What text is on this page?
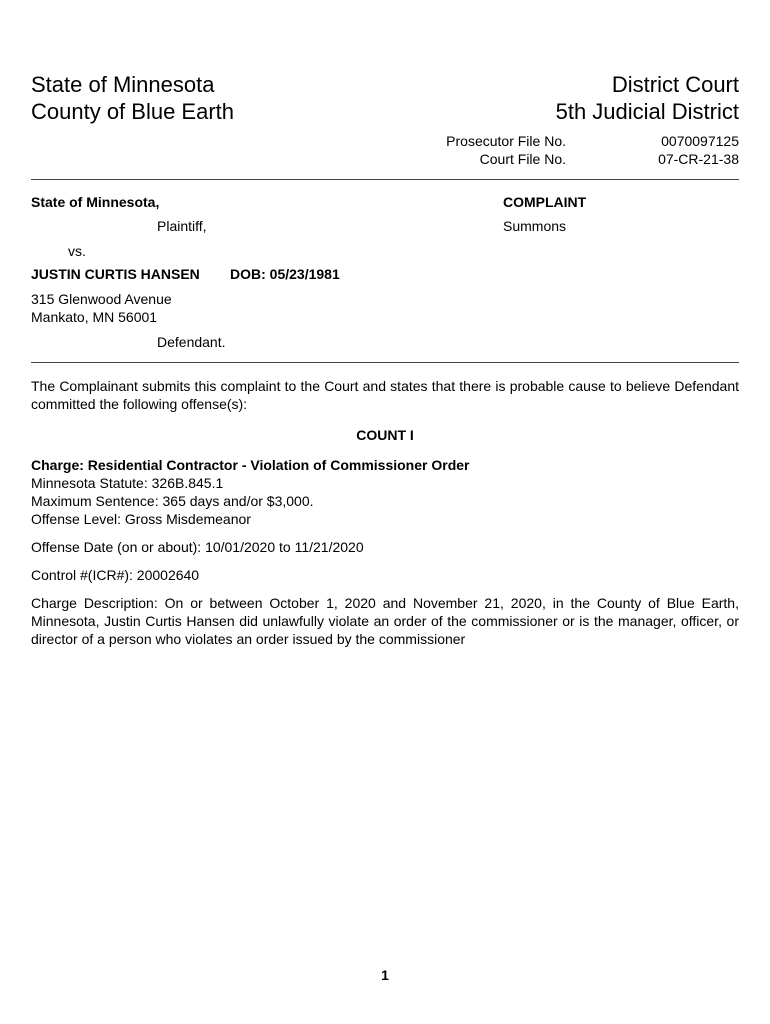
State of Minnesota
County of Blue Earth
District Court
5th Judicial District
Prosecutor File No.
Court File No.
0070097125
07-CR-21-38
State of Minnesota,
Plaintiff,
vs.
JUSTIN CURTIS HANSEN DOB: 05/23/1981
315 Glenwood Avenue
Mankato, MN 56001
Defendant.
COMPLAINT
Summons
The Complainant submits this complaint to the Court and states that there is probable cause to believe Defendant committed the following offense(s):
COUNT I
Charge: Residential Contractor - Violation of Commissioner Order
Minnesota Statute: 326B.845.1
Maximum Sentence: 365 days and/or $3,000.
Offense Level: Gross Misdemeanor
Offense Date (on or about): 10/01/2020 to 11/21/2020
Control #(ICR#): 20002640
Charge Description: On or between October 1, 2020 and November 21, 2020, in the County of Blue Earth, Minnesota, Justin Curtis Hansen did unlawfully violate an order of the commissioner or is the manager, officer, or director of a person who violates an order issued by the commissioner
1
